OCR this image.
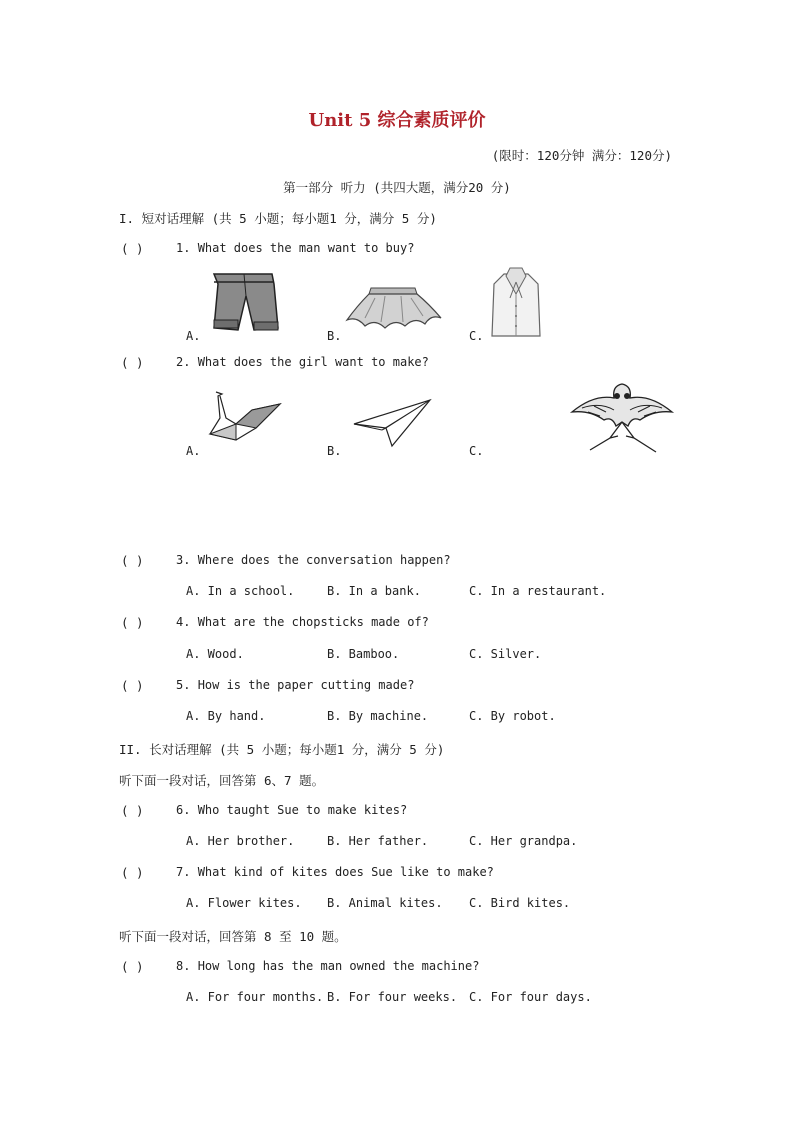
Unit 5 综合素质评价
(限时：120分钟 满分：120分)
第一部分 听力 (共四大题，满分20 分)
I. 短对话理解 (共 5 小题；每小题1 分，满分 5 分)
( )	1. What does the man want to buy?
A.	B.	C.
( )	2. What does the girl want to make?
A.	B.	C.
( )	3. Where does the conversation happen?
A. In a school.	B. In a bank.	C. In a restaurant.
( )	4. What are the chopsticks made of?
A. Wood.	B. Bamboo.	C. Silver.
( )	5. How is the paper cutting made?
A. By hand.	B. By machine.	C. By robot.
II. 长对话理解 (共 5 小题；每小题1 分，满分 5 分)
听下面一段对话，回答第 6、7 题。
( )	6. Who taught Sue to make kites?
A. Her brother.	B. Her father.	C. Her grandpa.
( )	7. What kind of kites does Sue like to make?
A. Flower kites. B. Animal kites. C. Bird kites.
听下面一段对话，回答第 8 至 10 题。
( )	8. How long has the man owned the machine?
A. For four months. B. For four weeks. C. For four days.
